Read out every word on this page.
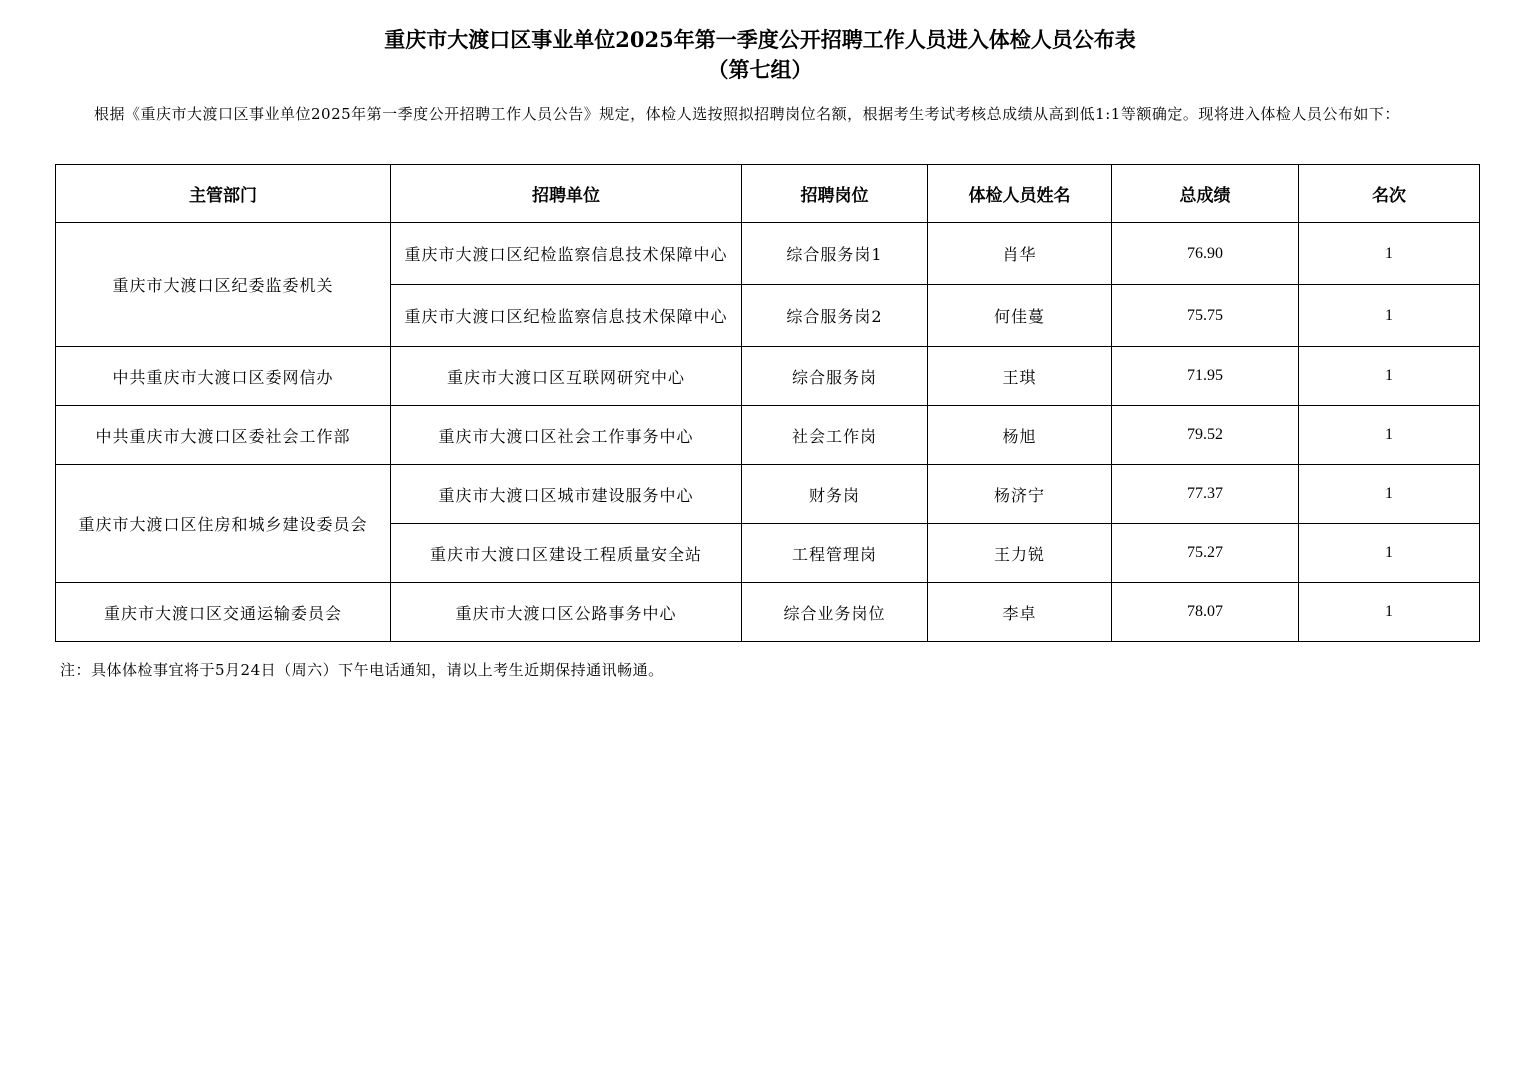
重庆市大渡口区事业单位2025年第一季度公开招聘工作人员进入体检人员公布表
（第七组）
根据《重庆市大渡口区事业单位2025年第一季度公开招聘工作人员公告》规定，体检人选按照拟招聘岗位名额，根据考生考试考核总成绩从高到低1:1等额确定。现将进入体检人员公布如下：
主管部门	招聘单位	招聘岗位	体检人员姓名	总成绩	名次
重庆市大渡口区纪委监委机关	重庆市大渡口区纪检监察信息技术保障中心	综合服务岗1	肖华	76.90	1
	重庆市大渡口区纪检监察信息技术保障中心	综合服务岗2	何佳蔓	75.75	1
中共重庆市大渡口区委网信办	重庆市大渡口区互联网研究中心	综合服务岗	王琪	71.95	1
中共重庆市大渡口区委社会工作部	重庆市大渡口区社会工作事务中心	社会工作岗	杨旭	79.52	1
重庆市大渡口区住房和城乡建设委员会	重庆市大渡口区城市建设服务中心	财务岗	杨济宁	77.37	1
	重庆市大渡口区建设工程质量安全站	工程管理岗	王力锐	75.27	1
重庆市大渡口区交通运输委员会	重庆市大渡口区公路事务中心	综合业务岗位	李卓	78.07	1
注：具体体检事宜将于5月24日（周六）下午电话通知，请以上考生近期保持通讯畅通。
